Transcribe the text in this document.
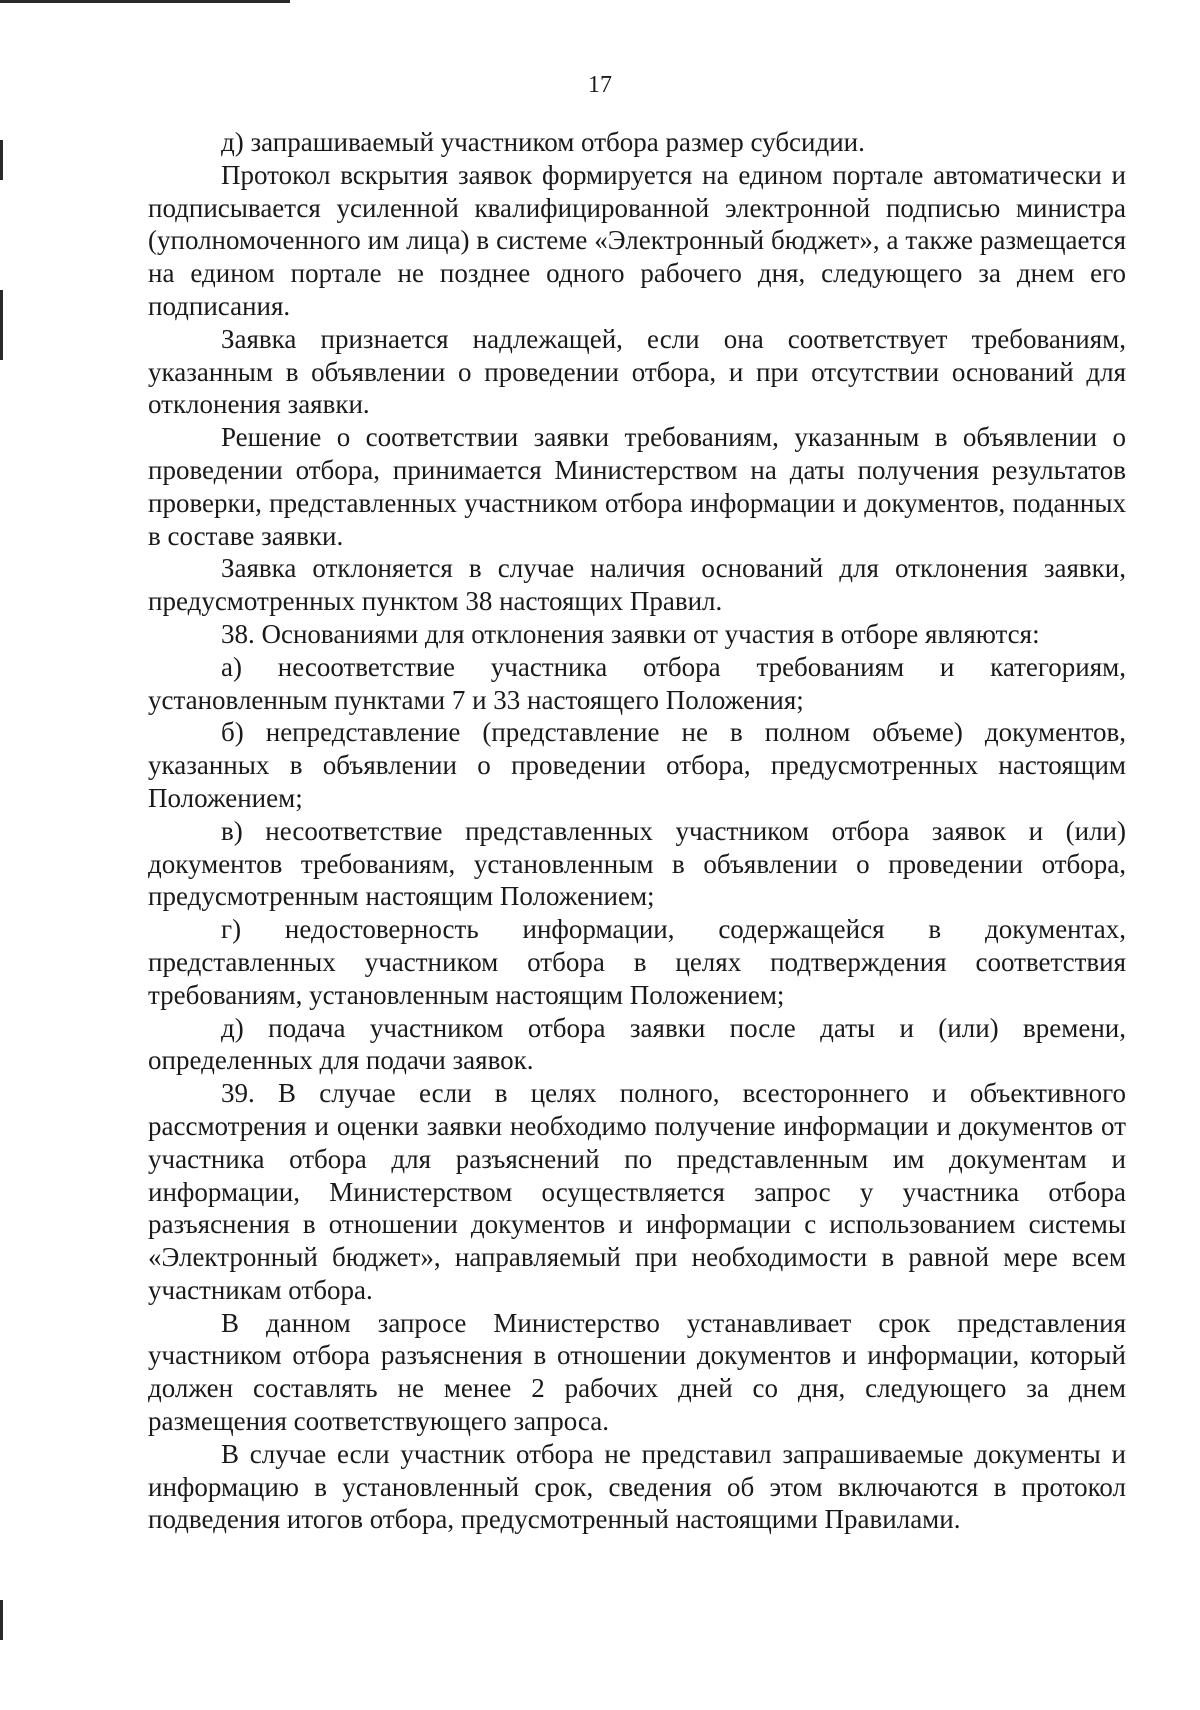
17

д) запрашиваемый участником отбора размер субсидии.

Протокол вскрытия заявок формируется на едином портале автоматически и подписывается усиленной квалифицированной электронной подписью министра (уполномоченного им лица) в системе «Электронный бюджет», а также размещается на едином портале не позднее одного рабочего дня, следующего за днем его подписания.

Заявка признается надлежащей, если она соответствует требованиям, указанным в объявлении о проведении отбора, и при отсутствии оснований для отклонения заявки.

Решение о соответствии заявки требованиям, указанным в объявлении о проведении отбора, принимается Министерством на даты получения результатов проверки, представленных участником отбора информации и документов, поданных в составе заявки.

Заявка отклоняется в случае наличия оснований для отклонения заявки, предусмотренных пунктом 38 настоящих Правил.

38. Основаниями для отклонения заявки от участия в отборе являются:

а) несоответствие участника отбора требованиям и категориям, установленным пунктами 7 и 33 настоящего Положения;

б) непредставление (представление не в полном объеме) документов, указанных в объявлении о проведении отбора, предусмотренных настоящим Положением;

в) несоответствие представленных участником отбора заявок и (или) документов требованиям, установленным в объявлении о проведении отбора, предусмотренным настоящим Положением;

г) недостоверность информации, содержащейся в документах, представленных участником отбора в целях подтверждения соответствия требованиям, установленным настоящим Положением;

д) подача участником отбора заявки после даты и (или) времени, определенных для подачи заявок.

39. В случае если в целях полного, всестороннего и объективного рассмотрения и оценки заявки необходимо получение информации и документов от участника отбора для разъяснений по представленным им документам и информации, Министерством осуществляется запрос у участника отбора разъяснения в отношении документов и информации с использованием системы «Электронный бюджет», направляемый при необходимости в равной мере всем участникам отбора.

В данном запросе Министерство устанавливает срок представления участником отбора разъяснения в отношении документов и информации, который должен составлять не менее 2 рабочих дней со дня, следующего за днем размещения соответствующего запроса.

В случае если участник отбора не представил запрашиваемые документы и информацию в установленный срок, сведения об этом включаются в протокол подведения итогов отбора, предусмотренный настоящими Правилами.
